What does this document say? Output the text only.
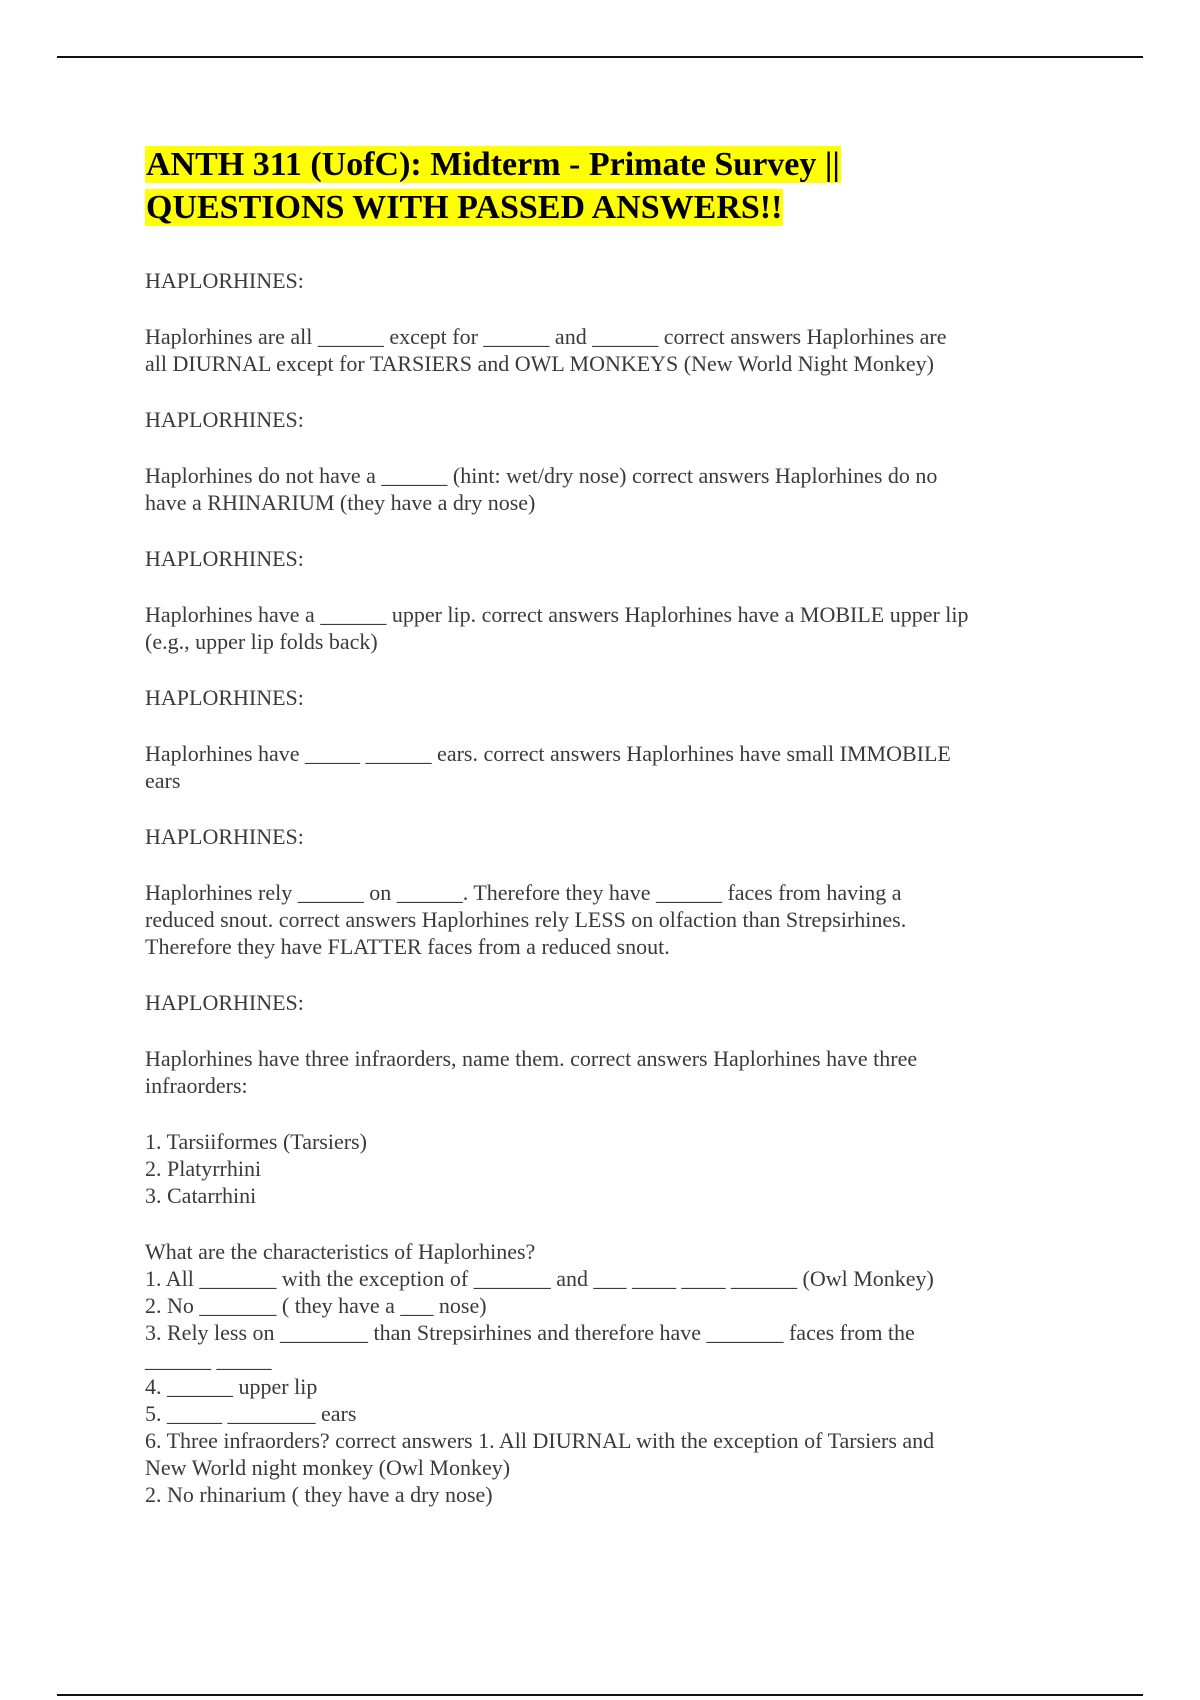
ANTH 311 (UofC): Midterm - Primate Survey ||
QUESTIONS WITH PASSED ANSWERS!!
HAPLORHINES:
Haplorhines are all ______ except for ______ and ______ correct answers Haplorhines are
all DIURNAL except for TARSIERS and OWL MONKEYS (New World Night Monkey)
HAPLORHINES:
Haplorhines do not have a ______ (hint: wet/dry nose) correct answers Haplorhines do no
have a RHINARIUM (they have a dry nose)
HAPLORHINES:
Haplorhines have a ______ upper lip. correct answers Haplorhines have a MOBILE upper lip
(e.g., upper lip folds back)
HAPLORHINES:
Haplorhines have _____ ______ ears. correct answers Haplorhines have small IMMOBILE
ears
HAPLORHINES:
Haplorhines rely ______ on ______. Therefore they have ______ faces from having a
reduced snout. correct answers Haplorhines rely LESS on olfaction than Strepsirhines.
Therefore they have FLATTER faces from a reduced snout.
HAPLORHINES:
Haplorhines have three infraorders, name them. correct answers Haplorhines have three
infraorders:
1. Tarsiiformes (Tarsiers)
2. Platyrrhini
3. Catarrhini
What are the characteristics of Haplorhines?
1. All _______ with the exception of _______ and ___ ____ ____ ______ (Owl Monkey)
2. No _______ ( they have a ___ nose)
3. Rely less on ________ than Strepsirhines and therefore have _______ faces from the
______ _____
4. ______ upper lip
5. _____ ________ ears
6. Three infraorders? correct answers 1. All DIURNAL with the exception of Tarsiers and
New World night monkey (Owl Monkey)
2. No rhinarium ( they have a dry nose)
